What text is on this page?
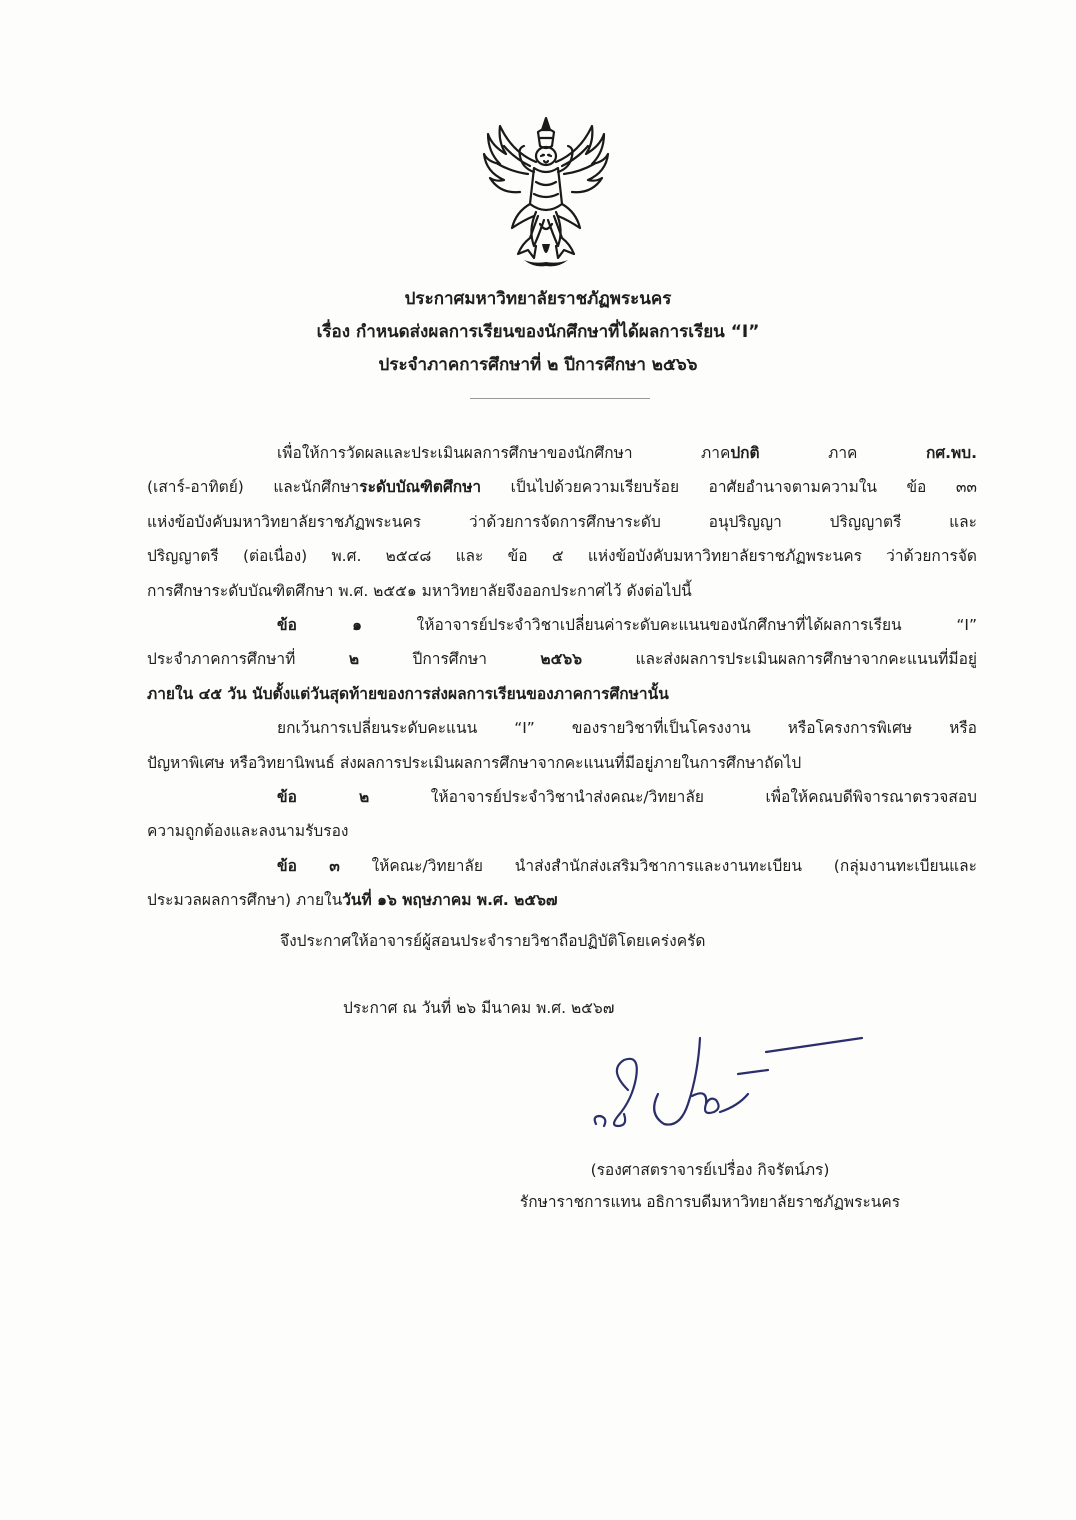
ประกาศมหาวิทยาลัยราชภัฏพระนคร
เรื่อง กำหนดส่งผลการเรียนของนักศึกษาที่ได้ผลการเรียน “I”
ประจำภาคการศึกษาที่ ๒ ปีการศึกษา ๒๕๖๖
เพื่อให้การวัดผลและประเมินผลการศึกษาของนักศึกษา ภาคปกติ ภาค กศ.พบ.
(เสาร์-อาทิตย์) และนักศึกษาระดับบัณฑิตศึกษา เป็นไปด้วยความเรียบร้อย อาศัยอำนาจตามความใน ข้อ ๓๓
แห่งข้อบังคับมหาวิทยาลัยราชภัฏพระนคร ว่าด้วยการจัดการศึกษาระดับ อนุปริญญา ปริญญาตรี และ
ปริญญาตรี (ต่อเนื่อง) พ.ศ. ๒๕๔๘ และ ข้อ ๕ แห่งข้อบังคับมหาวิทยาลัยราชภัฏพระนคร ว่าด้วยการจัด
การศึกษาระดับบัณฑิตศึกษา พ.ศ. ๒๕๕๑ มหาวิทยาลัยจึงออกประกาศไว้ ดังต่อไปนี้
ข้อ ๑ ให้อาจารย์ประจำวิชาเปลี่ยนค่าระดับคะแนนของนักศึกษาที่ได้ผลการเรียน “I”
ประจำภาคการศึกษาที่ ๒ ปีการศึกษา ๒๕๖๖ และส่งผลการประเมินผลการศึกษาจากคะแนนที่มีอยู่
ภายใน ๔๕ วัน นับตั้งแต่วันสุดท้ายของการส่งผลการเรียนของภาคการศึกษานั้น
ยกเว้นการเปลี่ยนระดับคะแนน “I” ของรายวิชาที่เป็นโครงงาน หรือโครงการพิเศษ หรือ
ปัญหาพิเศษ หรือวิทยานิพนธ์ ส่งผลการประเมินผลการศึกษาจากคะแนนที่มีอยู่ภายในการศึกษาถัดไป
ข้อ ๒ ให้อาจารย์ประจำวิชานำส่งคณะ/วิทยาลัย เพื่อให้คณบดีพิจารณาตรวจสอบ
ความถูกต้องและลงนามรับรอง
ข้อ ๓ ให้คณะ/วิทยาลัย นำส่งสำนักส่งเสริมวิชาการและงานทะเบียน (กลุ่มงานทะเบียนและ
ประมวลผลการศึกษา) ภายในวันที่ ๑๖ พฤษภาคม พ.ศ. ๒๕๖๗
จึงประกาศให้อาจารย์ผู้สอนประจำรายวิชาถือปฏิบัติโดยเคร่งครัด
ประกาศ ณ วันที่ ๒๖ มีนาคม พ.ศ. ๒๕๖๗
(รองศาสตราจารย์เปรื่อง กิจรัตน์ภร)
รักษาราชการแทน อธิการบดีมหาวิทยาลัยราชภัฏพระนคร
